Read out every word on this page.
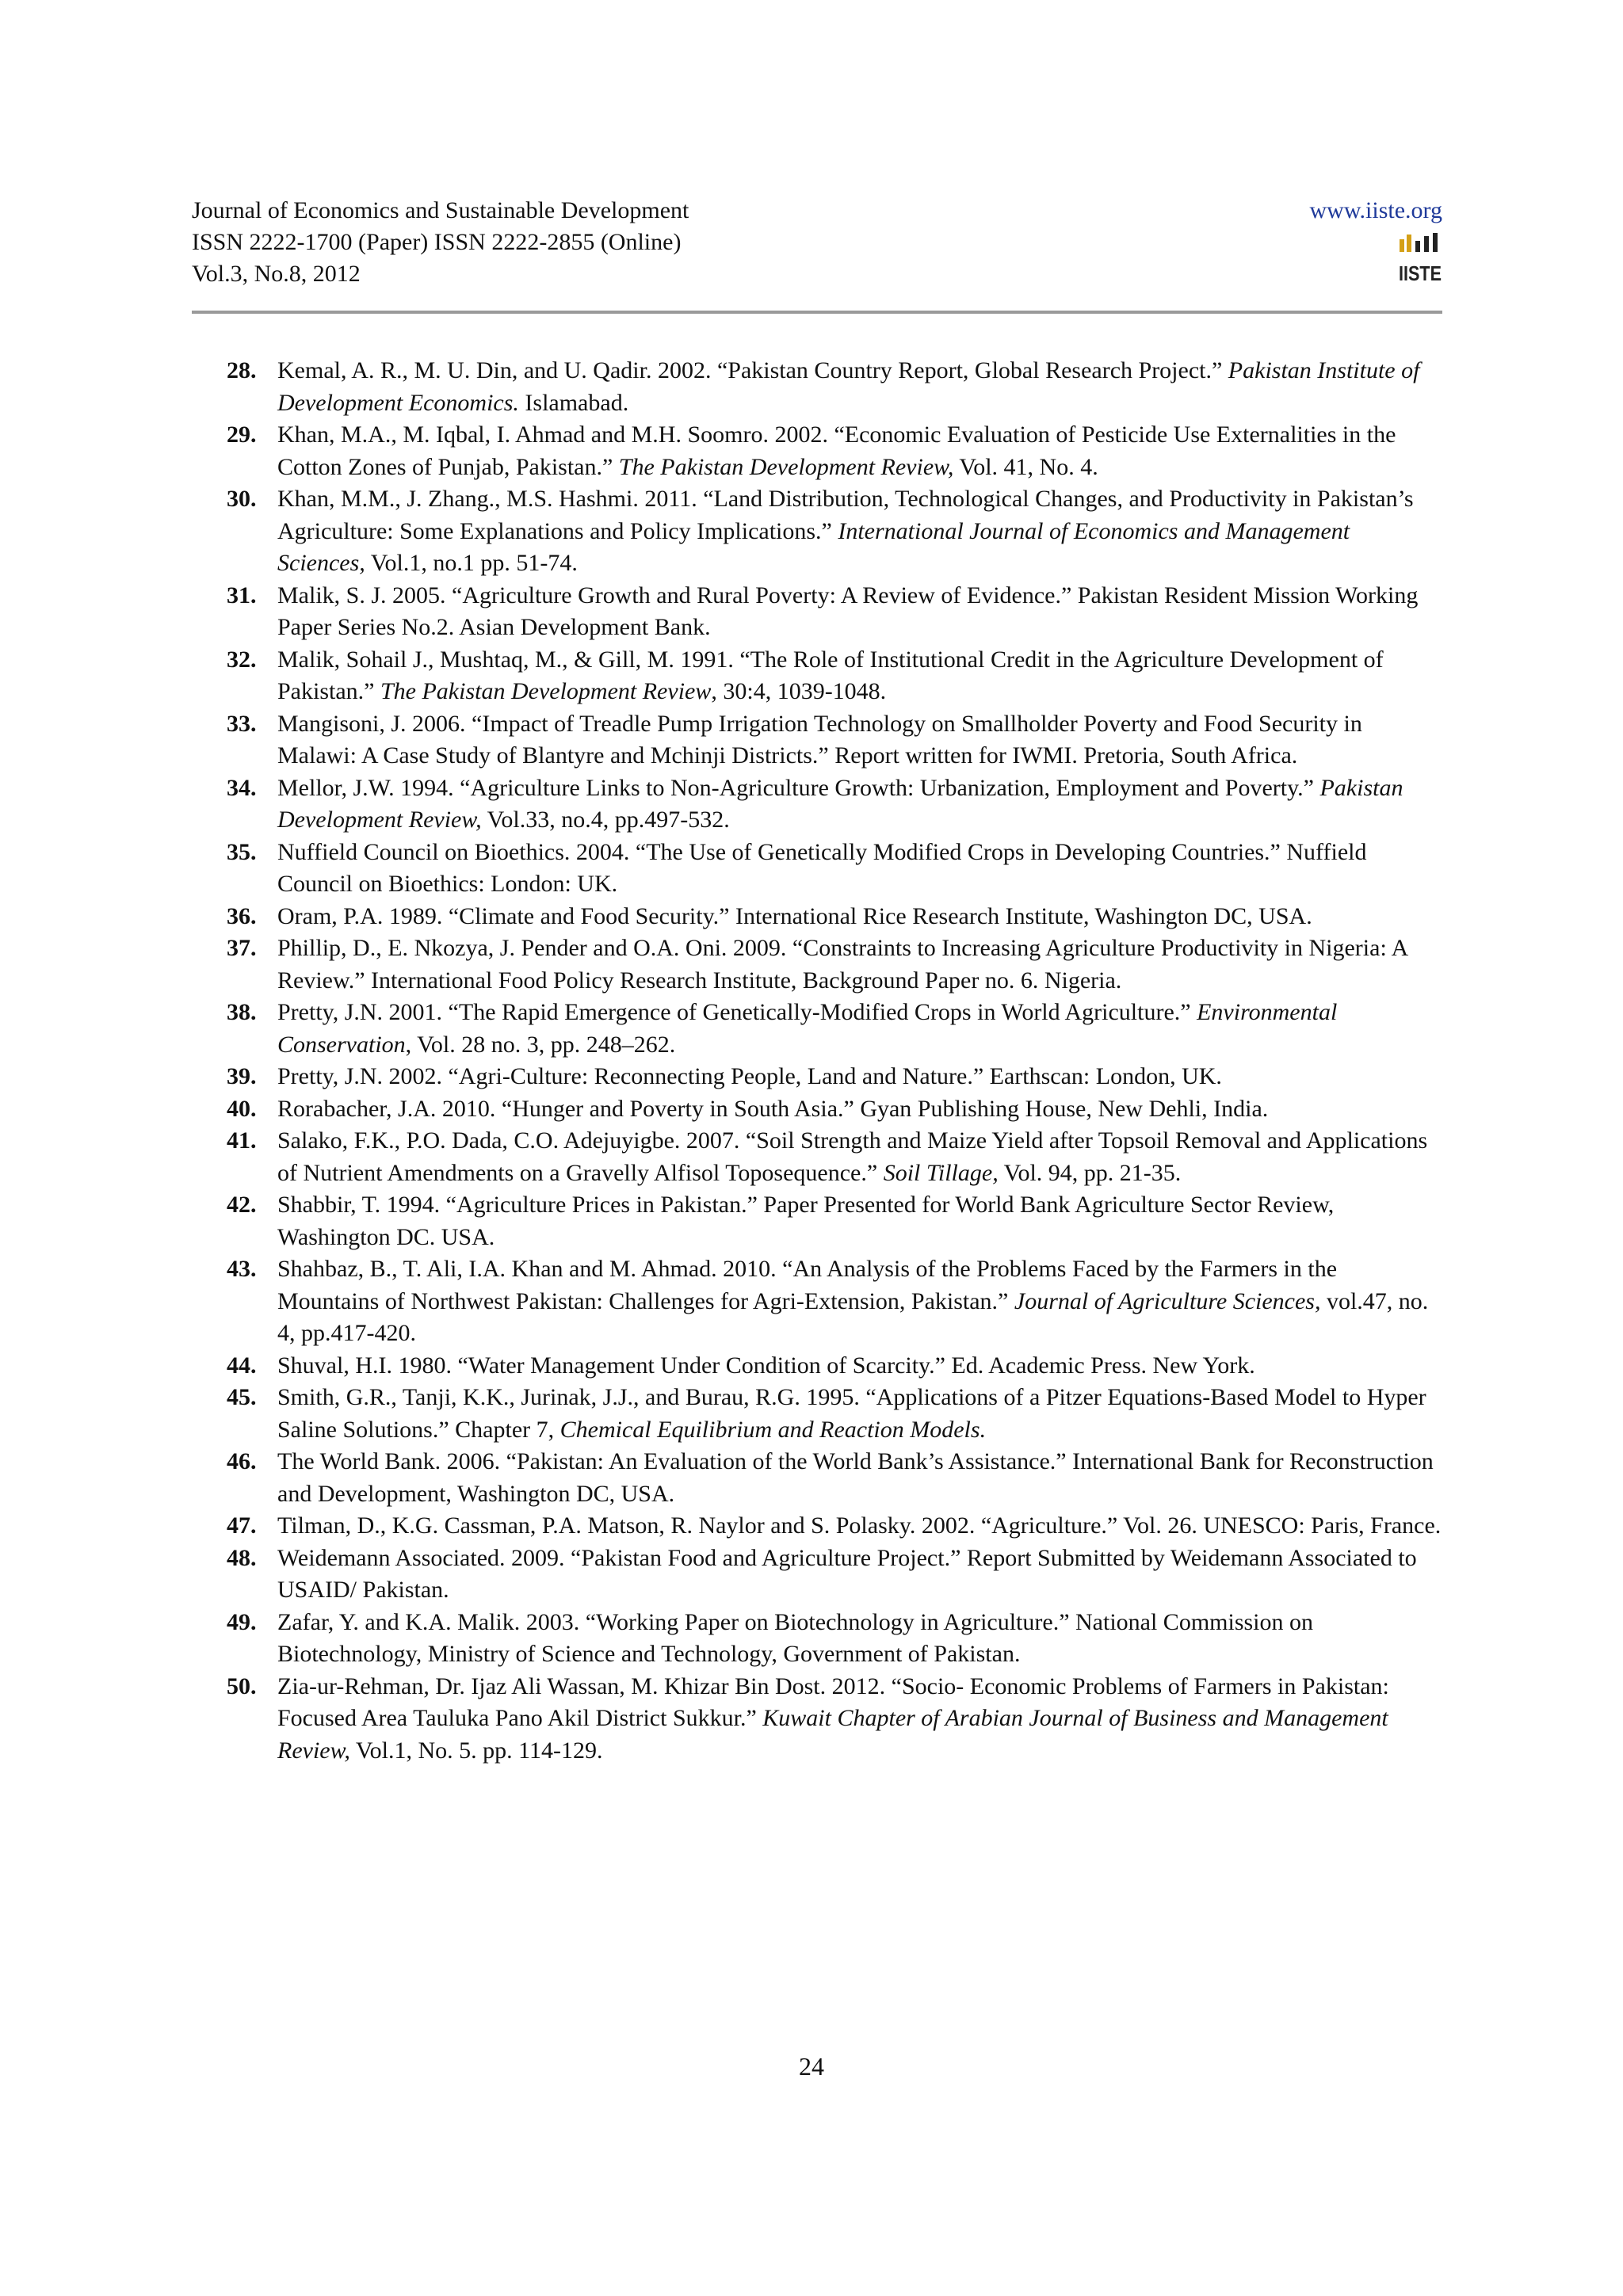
Journal of Economics and Sustainable Development
ISSN 2222-1700 (Paper) ISSN 2222-2855 (Online)
Vol.3, No.8, 2012
www.iiste.org
IISTE
28. Kemal, A. R., M. U. Din, and U. Qadir. 2002. “Pakistan Country Report, Global Research Project.” Pakistan Institute of Development Economics. Islamabad.
29. Khan, M.A., M. Iqbal, I. Ahmad and M.H. Soomro. 2002. “Economic Evaluation of Pesticide Use Externalities in the Cotton Zones of Punjab, Pakistan.” The Pakistan Development Review, Vol. 41, No. 4.
30. Khan, M.M., J. Zhang., M.S. Hashmi. 2011. “Land Distribution, Technological Changes, and Productivity in Pakistan’s Agriculture: Some Explanations and Policy Implications.” International Journal of Economics and Management Sciences, Vol.1, no.1 pp. 51-74.
31. Malik, S. J. 2005. “Agriculture Growth and Rural Poverty: A Review of Evidence.” Pakistan Resident Mission Working Paper Series No.2. Asian Development Bank.
32. Malik, Sohail J., Mushtaq, M., & Gill, M. 1991. “The Role of Institutional Credit in the Agriculture Development of Pakistan.” The Pakistan Development Review, 30:4, 1039-1048.
33. Mangisoni, J. 2006. “Impact of Treadle Pump Irrigation Technology on Smallholder Poverty and Food Security in Malawi: A Case Study of Blantyre and Mchinji Districts.” Report written for IWMI. Pretoria, South Africa.
34. Mellor, J.W. 1994. “Agriculture Links to Non-Agriculture Growth: Urbanization, Employment and Poverty.” Pakistan Development Review, Vol.33, no.4, pp.497-532.
35. Nuffield Council on Bioethics. 2004. “The Use of Genetically Modified Crops in Developing Countries.” Nuffield Council on Bioethics: London: UK.
36. Oram, P.A. 1989. “Climate and Food Security.” International Rice Research Institute, Washington DC, USA.
37. Phillip, D., E. Nkozya, J. Pender and O.A. Oni. 2009. “Constraints to Increasing Agriculture Productivity in Nigeria: A Review.” International Food Policy Research Institute, Background Paper no. 6. Nigeria.
38. Pretty, J.N. 2001. “The Rapid Emergence of Genetically-Modified Crops in World Agriculture.” Environmental Conservation, Vol. 28 no. 3, pp. 248–262.
39. Pretty, J.N. 2002. “Agri-Culture: Reconnecting People, Land and Nature.” Earthscan: London, UK.
40. Rorabacher, J.A. 2010. “Hunger and Poverty in South Asia.” Gyan Publishing House, New Dehli, India.
41. Salako, F.K., P.O. Dada, C.O. Adejuyigbe. 2007. “Soil Strength and Maize Yield after Topsoil Removal and Applications of Nutrient Amendments on a Gravelly Alfisol Toposequence.” Soil Tillage, Vol. 94, pp. 21-35.
42. Shabbir, T. 1994. “Agriculture Prices in Pakistan.” Paper Presented for World Bank Agriculture Sector Review, Washington DC. USA.
43. Shahbaz, B., T. Ali, I.A. Khan and M. Ahmad. 2010. “An Analysis of the Problems Faced by the Farmers in the Mountains of Northwest Pakistan: Challenges for Agri-Extension, Pakistan.” Journal of Agriculture Sciences, vol.47, no. 4, pp.417-420.
44. Shuval, H.I. 1980. “Water Management Under Condition of Scarcity.” Ed. Academic Press. New York.
45. Smith, G.R., Tanji, K.K., Jurinak, J.J., and Burau, R.G. 1995. “Applications of a Pitzer Equations-Based Model to Hyper Saline Solutions.” Chapter 7, Chemical Equilibrium and Reaction Models.
46. The World Bank. 2006. “Pakistan: An Evaluation of the World Bank’s Assistance.” International Bank for Reconstruction and Development, Washington DC, USA.
47. Tilman, D., K.G. Cassman, P.A. Matson, R. Naylor and S. Polasky. 2002. “Agriculture.” Vol. 26. UNESCO: Paris, France.
48. Weidemann Associated. 2009. “Pakistan Food and Agriculture Project.” Report Submitted by Weidemann Associated to USAID/ Pakistan.
49. Zafar, Y. and K.A. Malik. 2003. “Working Paper on Biotechnology in Agriculture.” National Commission on Biotechnology, Ministry of Science and Technology, Government of Pakistan.
50. Zia-ur-Rehman, Dr. Ijaz Ali Wassan, M. Khizar Bin Dost. 2012. “Socio- Economic Problems of Farmers in Pakistan: Focused Area Tauluka Pano Akil District Sukkur.” Kuwait Chapter of Arabian Journal of Business and Management Review, Vol.1, No. 5. pp. 114-129.
24
